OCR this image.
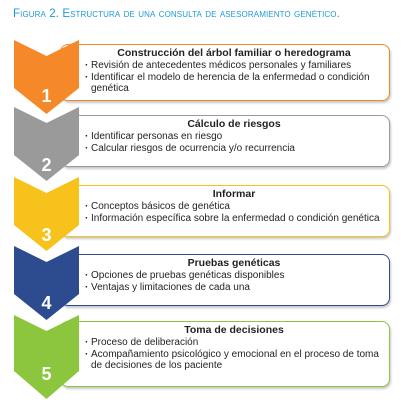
Figura 2. Estructura de una consulta de asesoramiento genético.
Construcción del árbol familiar o heredograma
· Revisión de antecedentes médicos personales y familiares
· Identificar el modelo de herencia de la enfermedad o condición genética
1
Cálculo de riesgos
· Identificar personas en riesgo
· Calcular riesgos de ocurrencia y/o recurrencia
2
Informar
· Conceptos básicos de genética
· Información específica sobre la enfermedad o condición genética
3
Pruebas genéticas
· Opciones de pruebas genéticas disponibles
· Ventajas y limitaciones de cada una
4
Toma de decisiones
· Proceso de deliberación
· Acompañamiento psicológico y emocional en el proceso de toma de decisiones de los paciente
5
